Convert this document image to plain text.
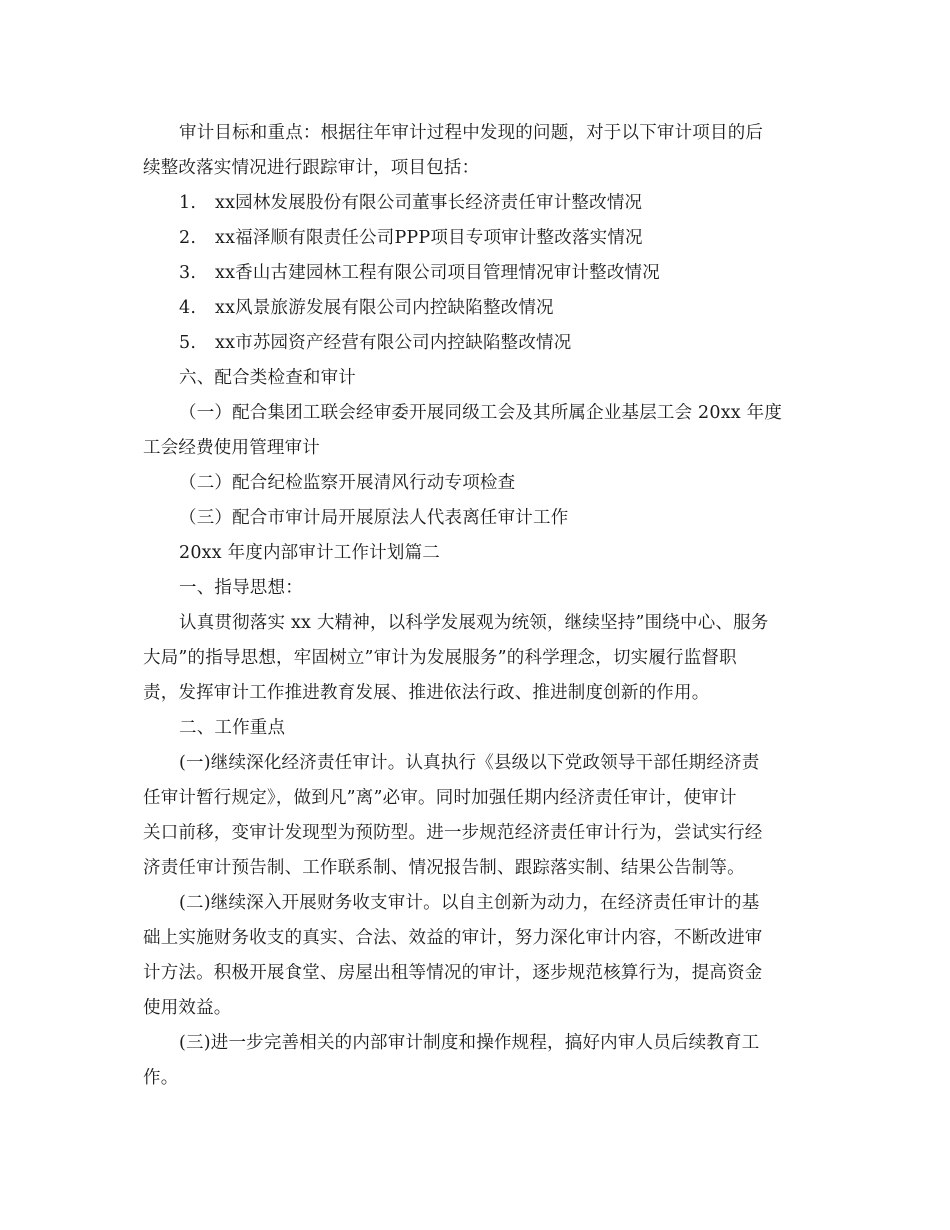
审计目标和重点：根据往年审计过程中发现的问题，对于以下审计项目的后
续整改落实情况进行跟踪审计，项目包括：
1. xx园林发展股份有限公司董事长经济责任审计整改情况
2. xx福泽顺有限责任公司PPP项目专项审计整改落实情况
3. xx香山古建园林工程有限公司项目管理情况审计整改情况
4. xx风景旅游发展有限公司内控缺陷整改情况
5. xx市苏园资产经营有限公司内控缺陷整改情况
六、配合类检查和审计
（一）配合集团工联会经审委开展同级工会及其所属企业基层工会 20xx 年度
工会经费使用管理审计
（二）配合纪检监察开展清风行动专项检查
（三）配合市审计局开展原法人代表离任审计工作
20xx 年度内部审计工作计划篇二
一、指导思想：
认真贯彻落实 xx 大精神，以科学发展观为统领，继续坚持”围绕中心、服务
大局”的指导思想，牢固树立”审计为发展服务”的科学理念，切实履行监督职
责，发挥审计工作推进教育发展、推进依法行政、推进制度创新的作用。
二、工作重点
(一)继续深化经济责任审计。认真执行《县级以下党政领导干部任期经济责
任审计暂行规定》，做到凡”离”必审。同时加强任期内经济责任审计，使审计
关口前移，变审计发现型为预防型。进一步规范经济责任审计行为，尝试实行经
济责任审计预告制、工作联系制、情况报告制、跟踪落实制、结果公告制等。
(二)继续深入开展财务收支审计。以自主创新为动力，在经济责任审计的基
础上实施财务收支的真实、合法、效益的审计，努力深化审计内容，不断改进审
计方法。积极开展食堂、房屋出租等情况的审计，逐步规范核算行为，提高资金
使用效益。
(三)进一步完善相关的内部审计制度和操作规程，搞好内审人员后续教育工
作。
